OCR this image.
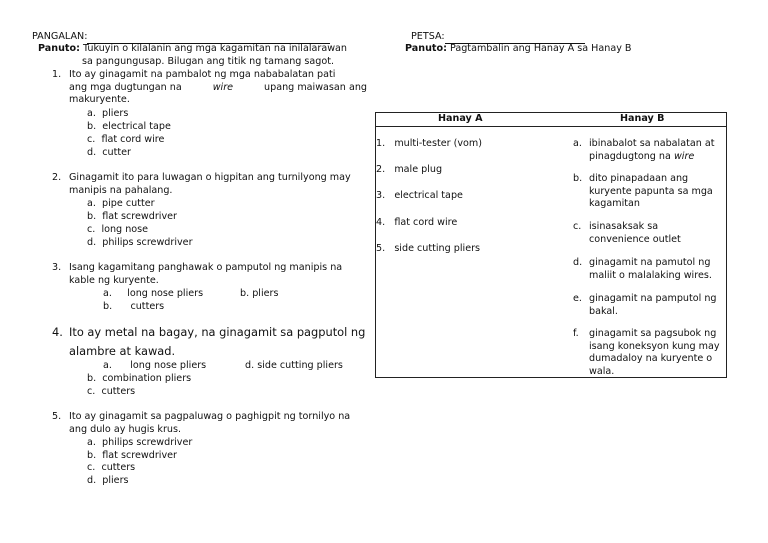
PANGALAN:	PETSA:
Panuto: Tukuyin o kilalanin ang mga kagamitan na inilalarawan
sa pangungusap. Bilugan ang titik ng tamang sagot.
1. Ito ay ginagamit na pambalot ng mga nababalatan pati
ang mga dugtungan na	wire	upang maiwasan ang
makuryente.
a. pliers
b. electrical tape
c. flat cord wire
d. cutter
2. Ginagamit ito para luwagan o higpitan ang turnilyong may
manipis na pahalang.
a. pipe cutter
b. flat screwdriver
c. long nose
d. philips screwdriver
3. Isang kagamitang panghawak o pamputol ng manipis na
kable ng kuryente.
a. long nose pliers	b. pliers
b. cutters
4. Ito ay metal na bagay, na ginagamit sa pagputol ng
alambre at kawad.
a. long nose pliers	d. side cutting pliers
b. combination pliers
c. cutters
5. Ito ay ginagamit sa pagpaluwag o paghigpit ng tornilyo na
ang dulo ay hugis krus.
a. philips screwdriver
b. flat screwdriver
c. cutters
d. pliers
Panuto: Pagtambalin ang Hanay A sa Hanay B
Hanay A	Hanay B
1. multi-tester (vom)
2. male plug
3. electrical tape
4. flat cord wire
5. side cutting pliers
a. ibinabalot sa nabalatan at
pinagdugtong na wire
b. dito pinapadaan ang
kuryente papunta sa mga
kagamitan
c. isinasaksak sa
convenience outlet
d. ginagamit na pamutol ng
maliit o malalaking wires.
e. ginagamit na pamputol ng
bakal.
f. ginagamit sa pagsubok ng
isang koneksyon kung may
dumadaloy na kuryente o
wala.
